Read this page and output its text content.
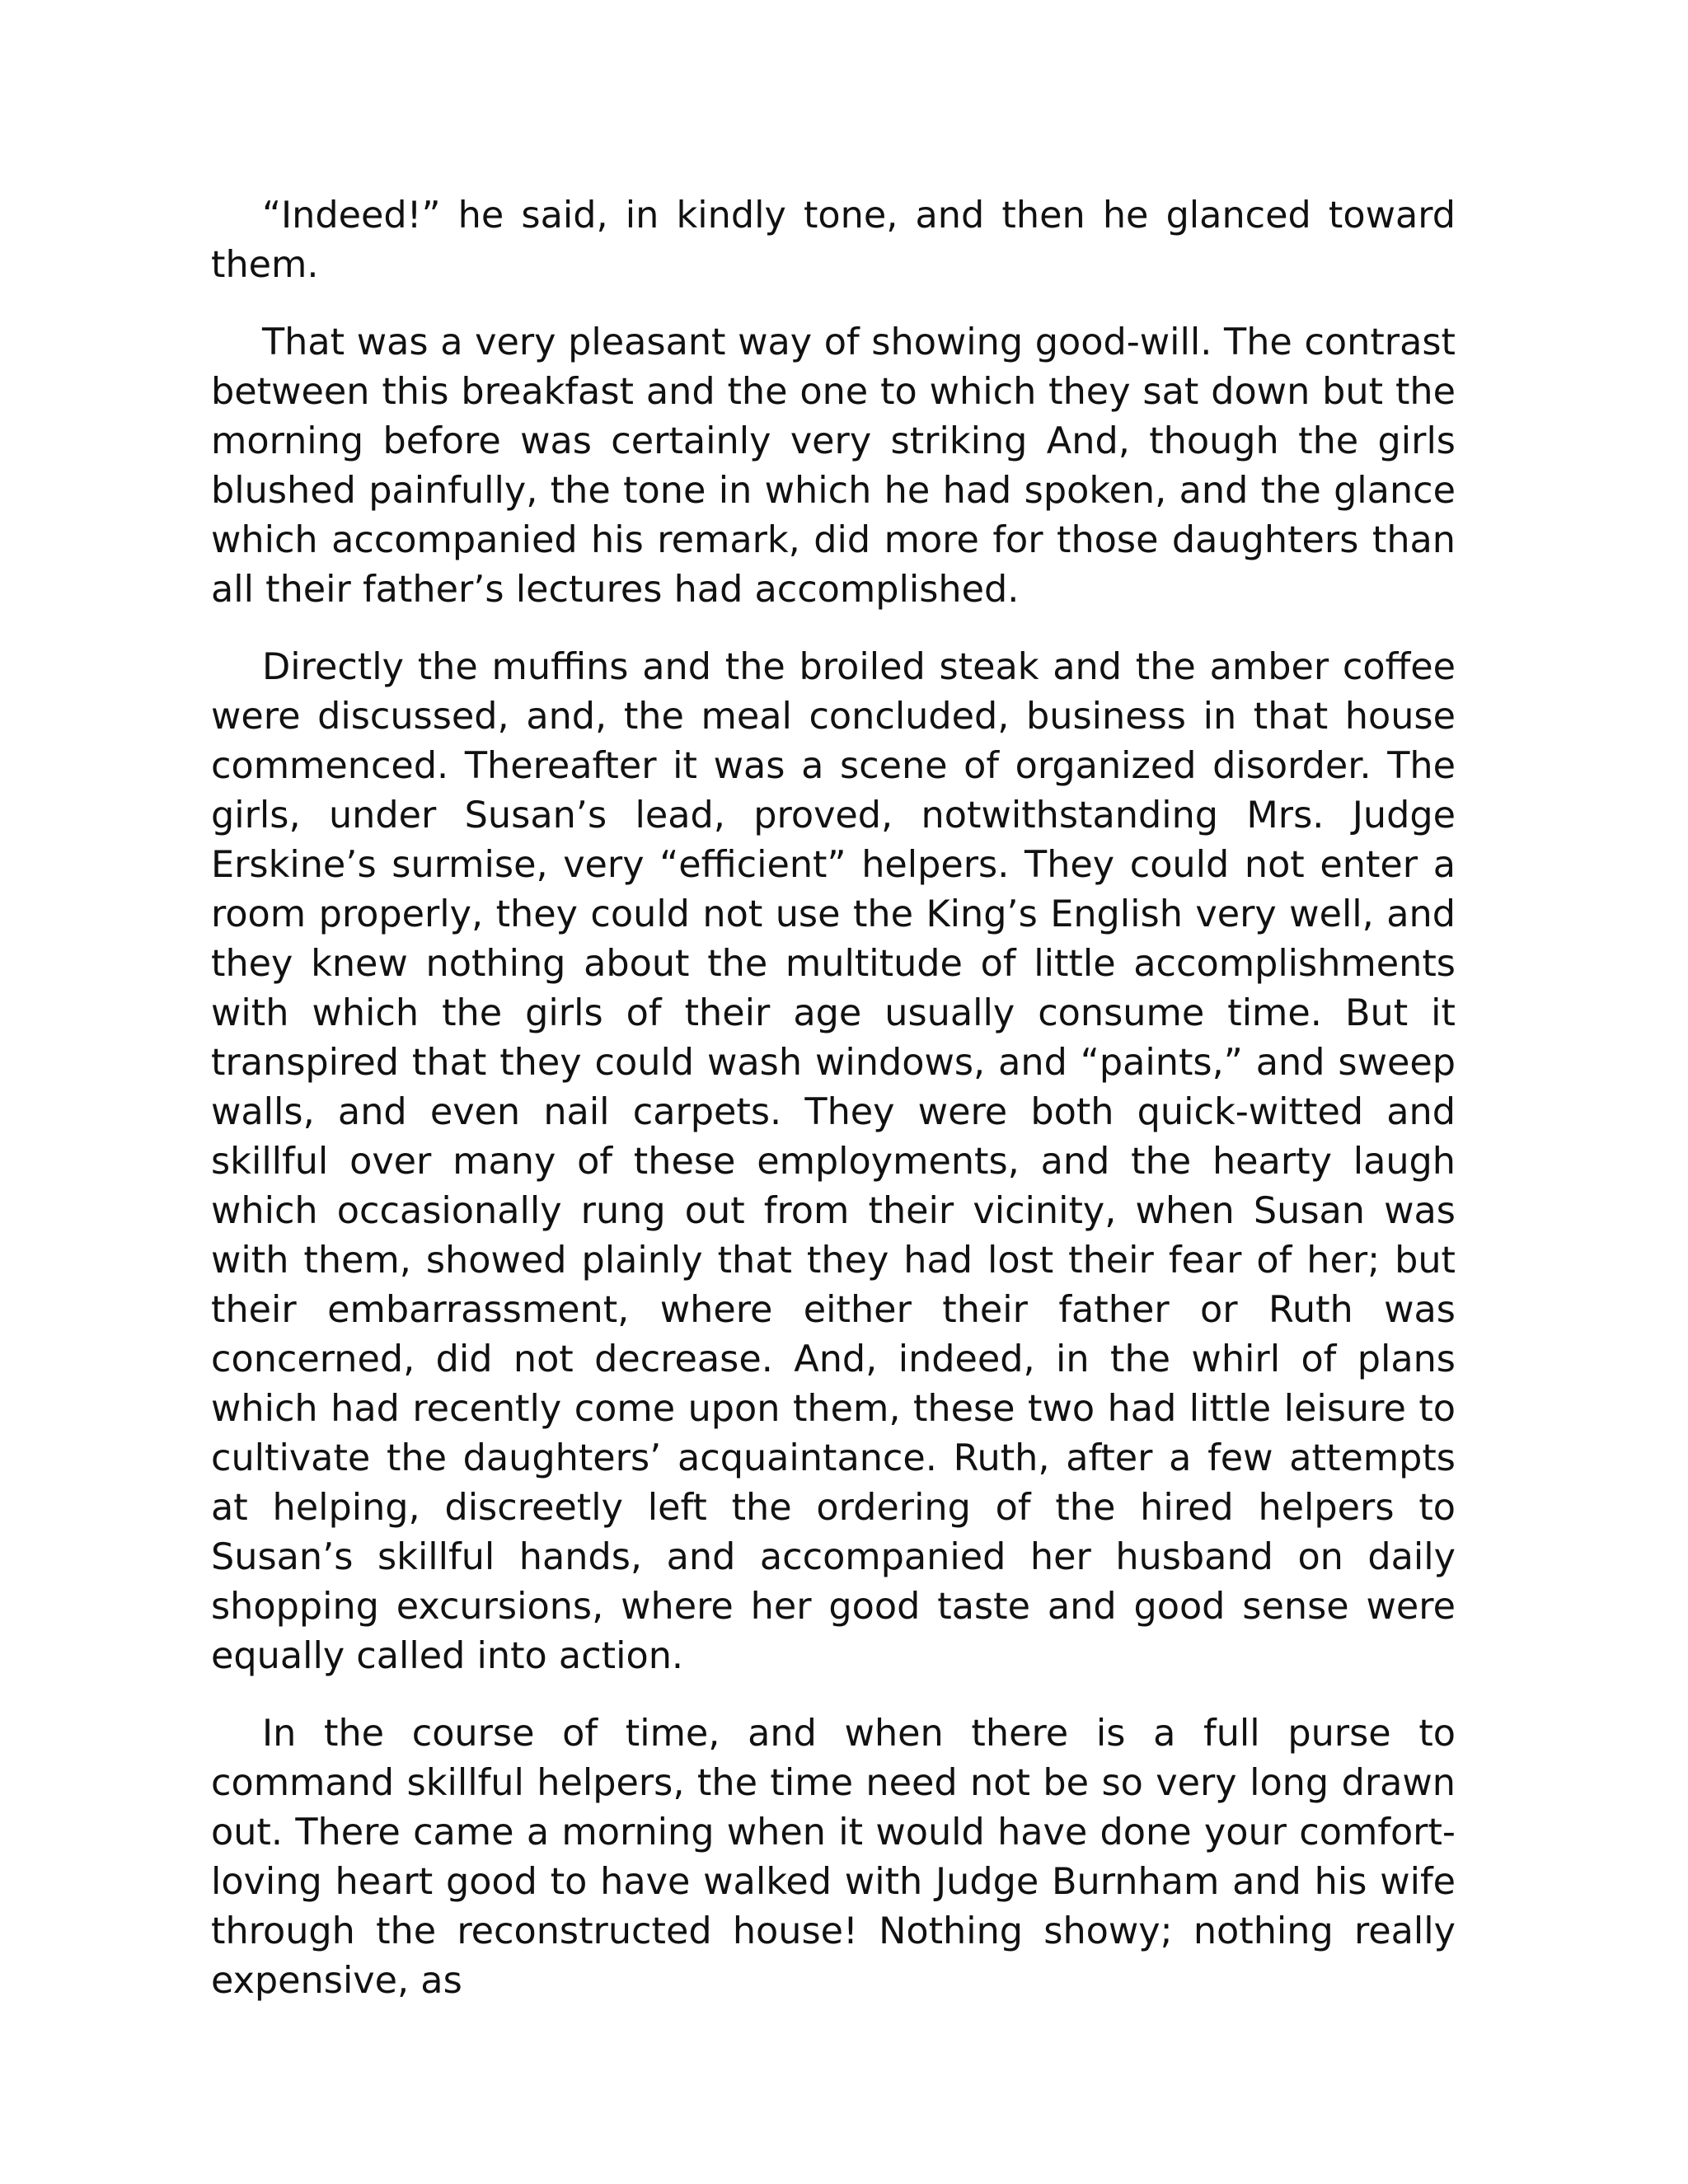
“Indeed!” he said, in kindly tone, and then he glanced toward them.

That was a very pleasant way of showing good-will. The contrast between this breakfast and the one to which they sat down but the morning before was certainly very striking And, though the girls blushed painfully, the tone in which he had spoken, and the glance which accompanied his remark, did more for those daughters than all their father’s lectures had accomplished.

Directly the muffins and the broiled steak and the amber coffee were discussed, and, the meal concluded, business in that house commenced. Thereafter it was a scene of organized disorder. The girls, under Susan’s lead, proved, notwithstanding Mrs. Judge Erskine’s surmise, very “efficient” helpers. They could not enter a room properly, they could not use the King’s English very well, and they knew nothing about the multitude of little accomplishments with which the girls of their age usually consume time. But it transpired that they could wash windows, and “paints,” and sweep walls, and even nail carpets. They were both quick-witted and skillful over many of these employments, and the hearty laugh which occasionally rung out from their vicinity, when Susan was with them, showed plainly that they had lost their fear of her; but their embarrassment, where either their father or Ruth was concerned, did not decrease. And, indeed, in the whirl of plans which had recently come upon them, these two had little leisure to cultivate the daughters’ acquaintance. Ruth, after a few attempts at helping, discreetly left the ordering of the hired helpers to Susan’s skillful hands, and accompanied her husband on daily shopping excursions, where her good taste and good sense were equally called into action.

In the course of time, and when there is a full purse to command skillful helpers, the time need not be so very long drawn out. There came a morning when it would have done your comfort-loving heart good to have walked with Judge Burnham and his wife through the reconstructed house! Nothing showy; nothing really expensive, as
